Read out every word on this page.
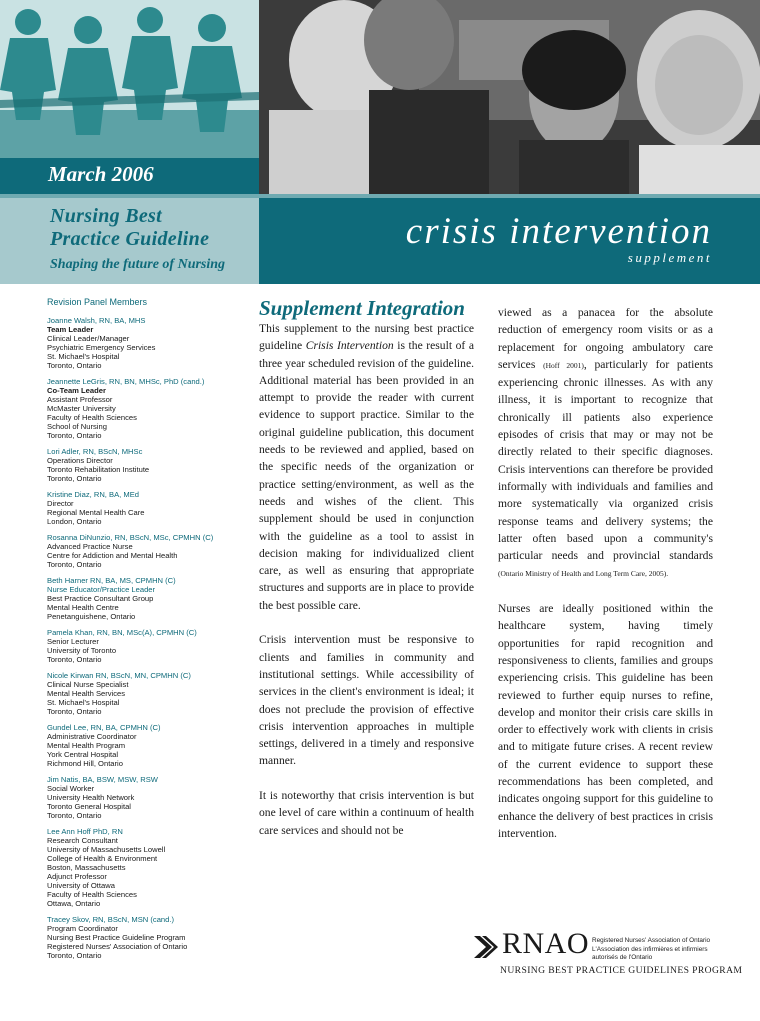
March 2006
Nursing Best
Practice Guideline
Shaping the future of Nursing
crisis intervention
supplement
Revision Panel Members
Joanne Walsh, RN, BA, MHS
Team Leader
Clinical Leader/Manager
Psychiatric Emergency Services
St. Michael's Hospital
Toronto, Ontario
Jeannette LeGris, RN, BN, MHSc, PhD (cand.)
Co-Team Leader
Assistant Professor
McMaster University
Faculty of Health Sciences
School of Nursing
Toronto, Ontario
Lori Adler, RN, BScN, MHSc
Operations Director
Toronto Rehabilitation Institute
Toronto, Ontario
Kristine Diaz, RN, BA, MEd
Director
Regional Mental Health Care
London, Ontario
Rosanna DiNunzio, RN, BScN, MSc, CPMHN (C)
Advanced Practice Nurse
Centre for Addiction and Mental Health
Toronto, Ontario
Beth Harner RN, BA, MS, CPMHN (C)
Nurse Educator/Practice Leader
Best Practice Consultant Group
Mental Health Centre
Penetanguishene, Ontario
Pamela Khan, RN, BN, MSc(A), CPMHN (C)
Senior Lecturer
University of Toronto
Toronto, Ontario
Nicole Kirwan RN, BScN, MN, CPMHN (C)
Clinical Nurse Specialist
Mental Health Services
St. Michael's Hospital
Toronto, Ontario
Gundel Lee, RN, BA, CPMHN (C)
Administrative Coordinator
Mental Health Program
York Central Hospital
Richmond Hill, Ontario
Jim Natis, BA, BSW, MSW, RSW
Social Worker
University Health Network
Toronto General Hospital
Toronto, Ontario
Lee Ann Hoff PhD, RN
Research Consultant
University of Massachusetts Lowell
College of Health & Environment
Boston, Massachusetts
Adjunct Professor
University of Ottawa
Faculty of Health Sciences
Ottawa, Ontario
Tracey Skov, RN, BScN, MSN (cand.)
Program Coordinator
Nursing Best Practice Guideline Program
Registered Nurses' Association of Ontario
Toronto, Ontario
Supplement Integration

This supplement to the nursing best practice guideline Crisis Intervention is the result of a three year scheduled revision of the guideline. Additional material has been provided in an attempt to provide the reader with current evidence to support practice. Similar to the original guideline publication, this document needs to be reviewed and applied, based on the specific needs of the organization or practice setting/environment, as well as the needs and wishes of the client. This supplement should be used in conjunction with the guideline as a tool to assist in decision making for individualized client care, as well as ensuring that appropriate structures and supports are in place to provide the best possible care.

Crisis intervention must be responsive to clients and families in community and institutional settings. While accessibility of services in the client's environment is ideal; it does not preclude the provision of effective crisis intervention approaches in multiple settings, delivered in a timely and responsive manner.

It is noteworthy that crisis intervention is but one level of care within a continuum of health care services and should not be

viewed as a panacea for the absolute reduction of emergency room visits or as a replacement for ongoing ambulatory care services (Hoff 2001), particularly for patients experiencing chronic illnesses. As with any illness, it is important to recognize that chronically ill patients also experience episodes of crisis that may or may not be directly related to their specific diagnoses. Crisis interventions can therefore be provided informally with individuals and families and more systematically via organized crisis response teams and delivery systems; the latter often based upon a community's particular needs and provincial standards (Ontario Ministry of Health and Long Term Care, 2005).

Nurses are ideally positioned within the healthcare system, having timely opportunities for rapid recognition and responsiveness to clients, families and groups experiencing crisis. This guideline has been reviewed to further equip nurses to refine, develop and monitor their crisis care skills in order to effectively work with clients in crisis and to mitigate future crises. A recent review of the current evidence to support these recommendations has been completed, and indicates ongoing support for this guideline to enhance the delivery of best practices in crisis intervention.

RNAO Registered Nurses' Association of Ontario
L'Association des infirmières et infirmiers autorisés de l'Ontario
NURSING BEST PRACTICE GUIDELINES PROGRAM
